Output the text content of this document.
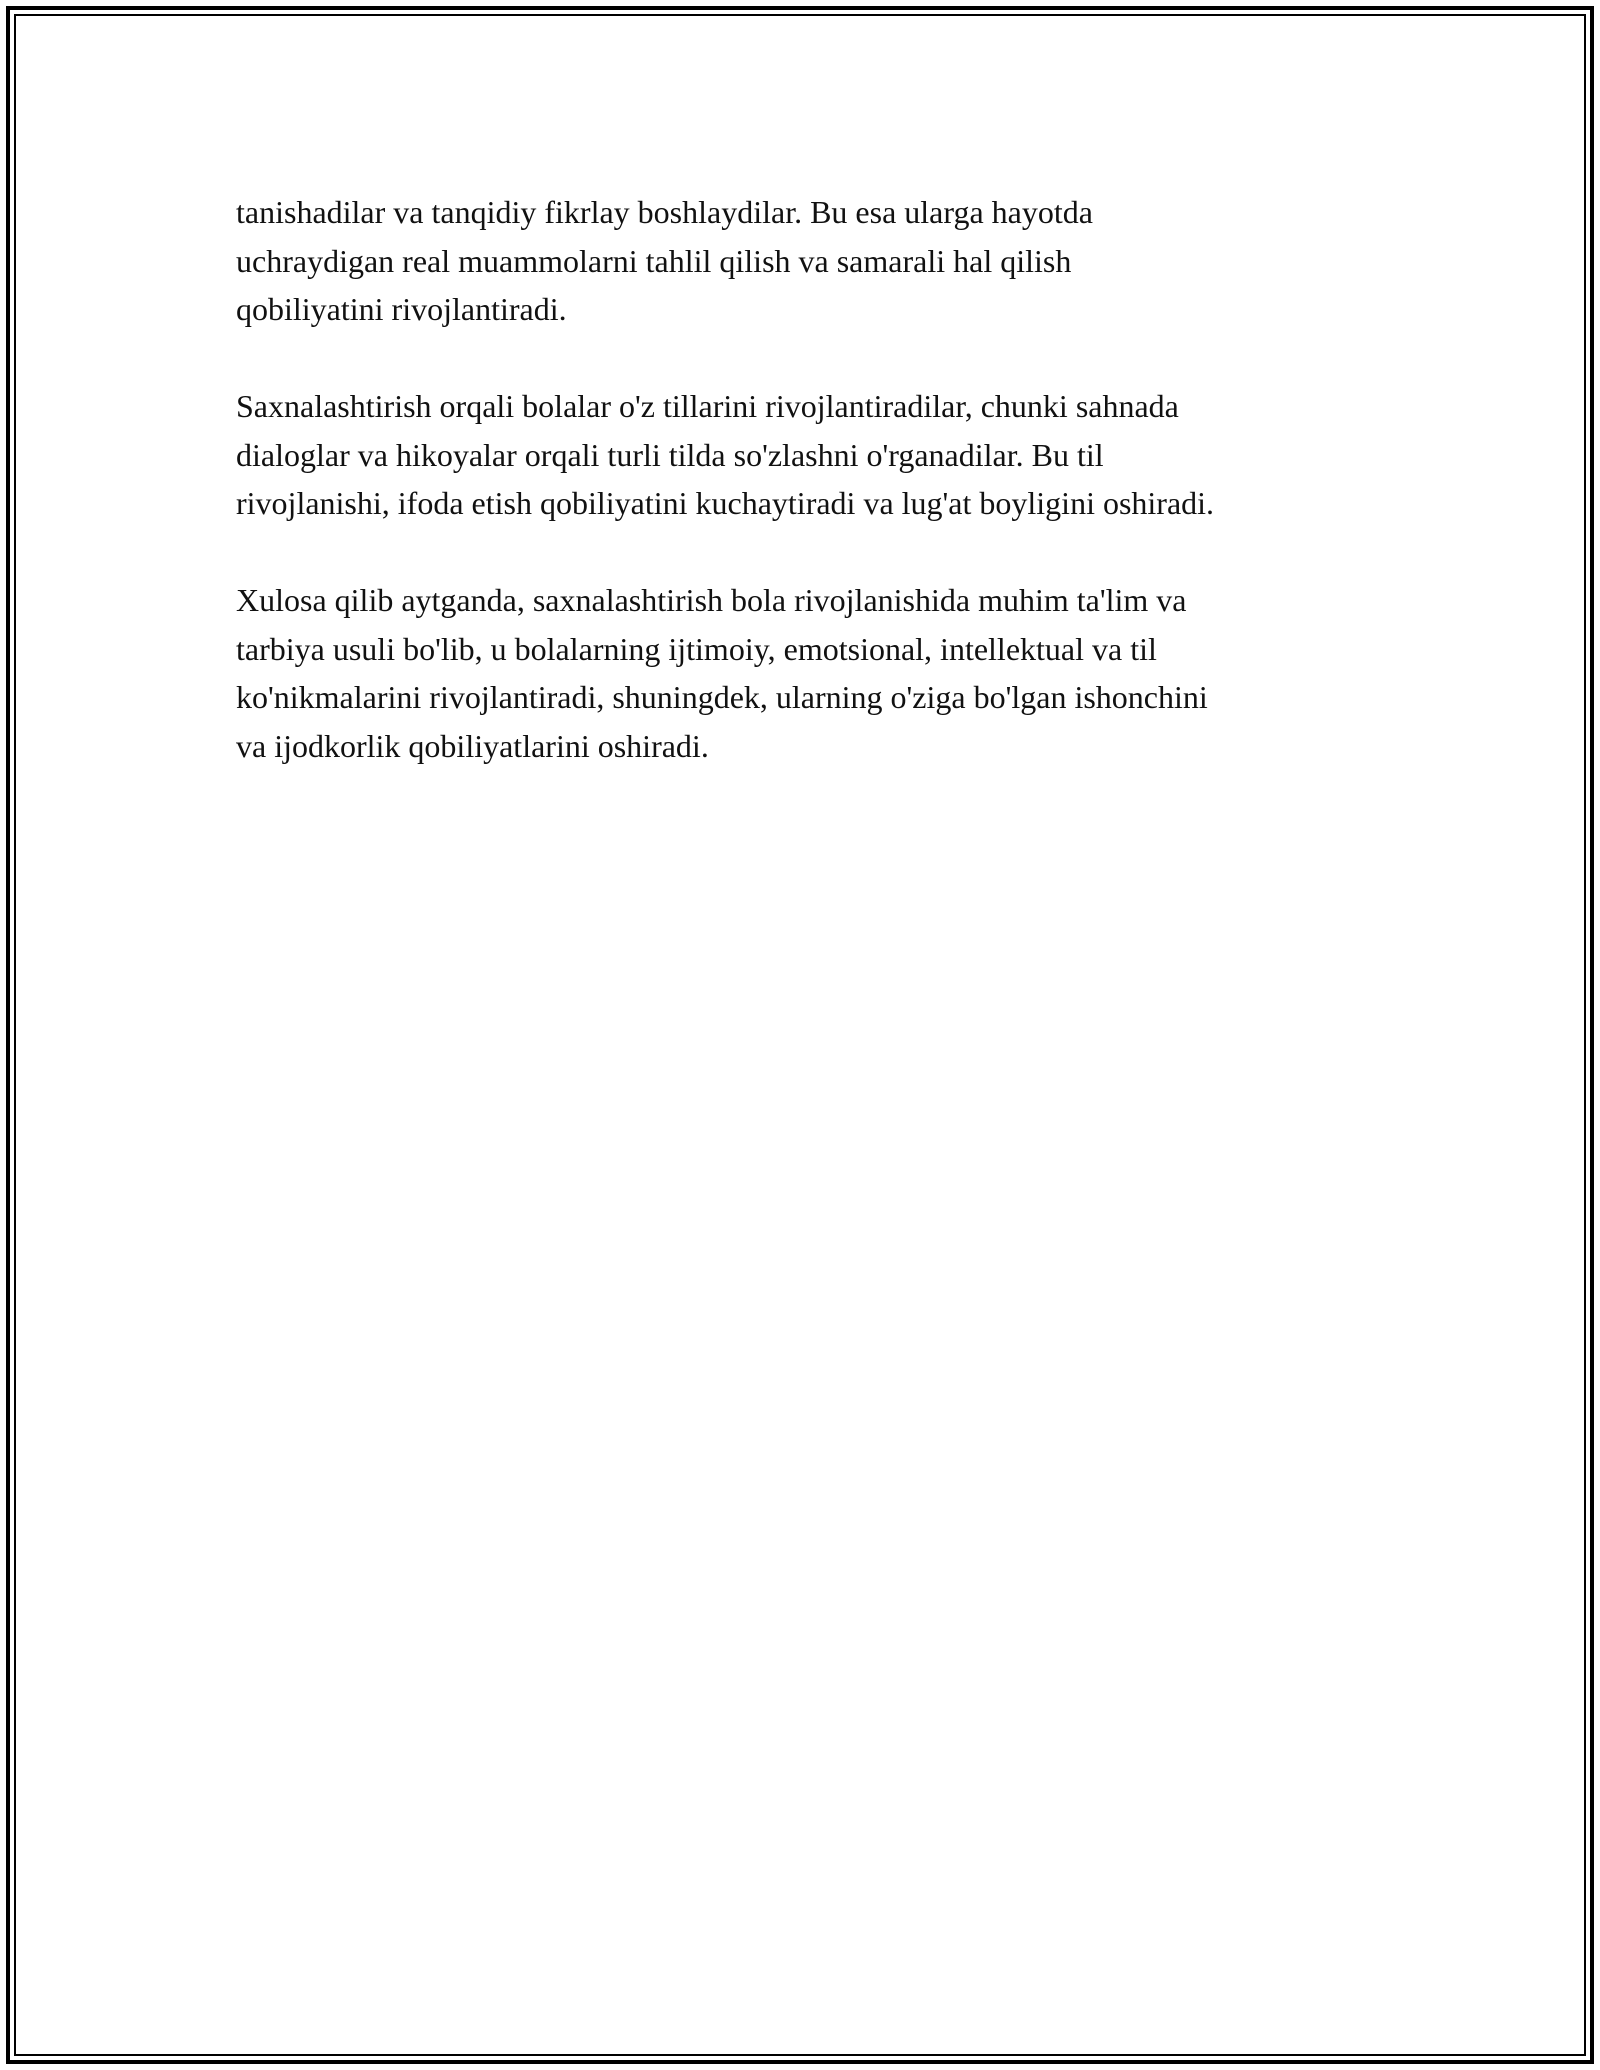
tanishadilar va tanqidiy fikrlay boshlaydilar. Bu esa ularga hayotda
uchraydigan real muammolarni tahlil qilish va samarali hal qilish
qobiliyatini rivojlantiradi.

Saxnalashtirish orqali bolalar o'z tillarini rivojlantiradilar, chunki sahnada
dialoglar va hikoyalar orqali turli tilda so'zlashni o'rganadilar. Bu til
rivojlanishi, ifoda etish qobiliyatini kuchaytiradi va lug'at boyligini oshiradi.

Xulosa qilib aytganda, saxnalashtirish bola rivojlanishida muhim ta'lim va
tarbiya usuli bo'lib, u bolalarning ijtimoiy, emotsional, intellektual va til
ko'nikmalarini rivojlantiradi, shuningdek, ularning o'ziga bo'lgan ishonchini
va ijodkorlik qobiliyatlarini oshiradi.
